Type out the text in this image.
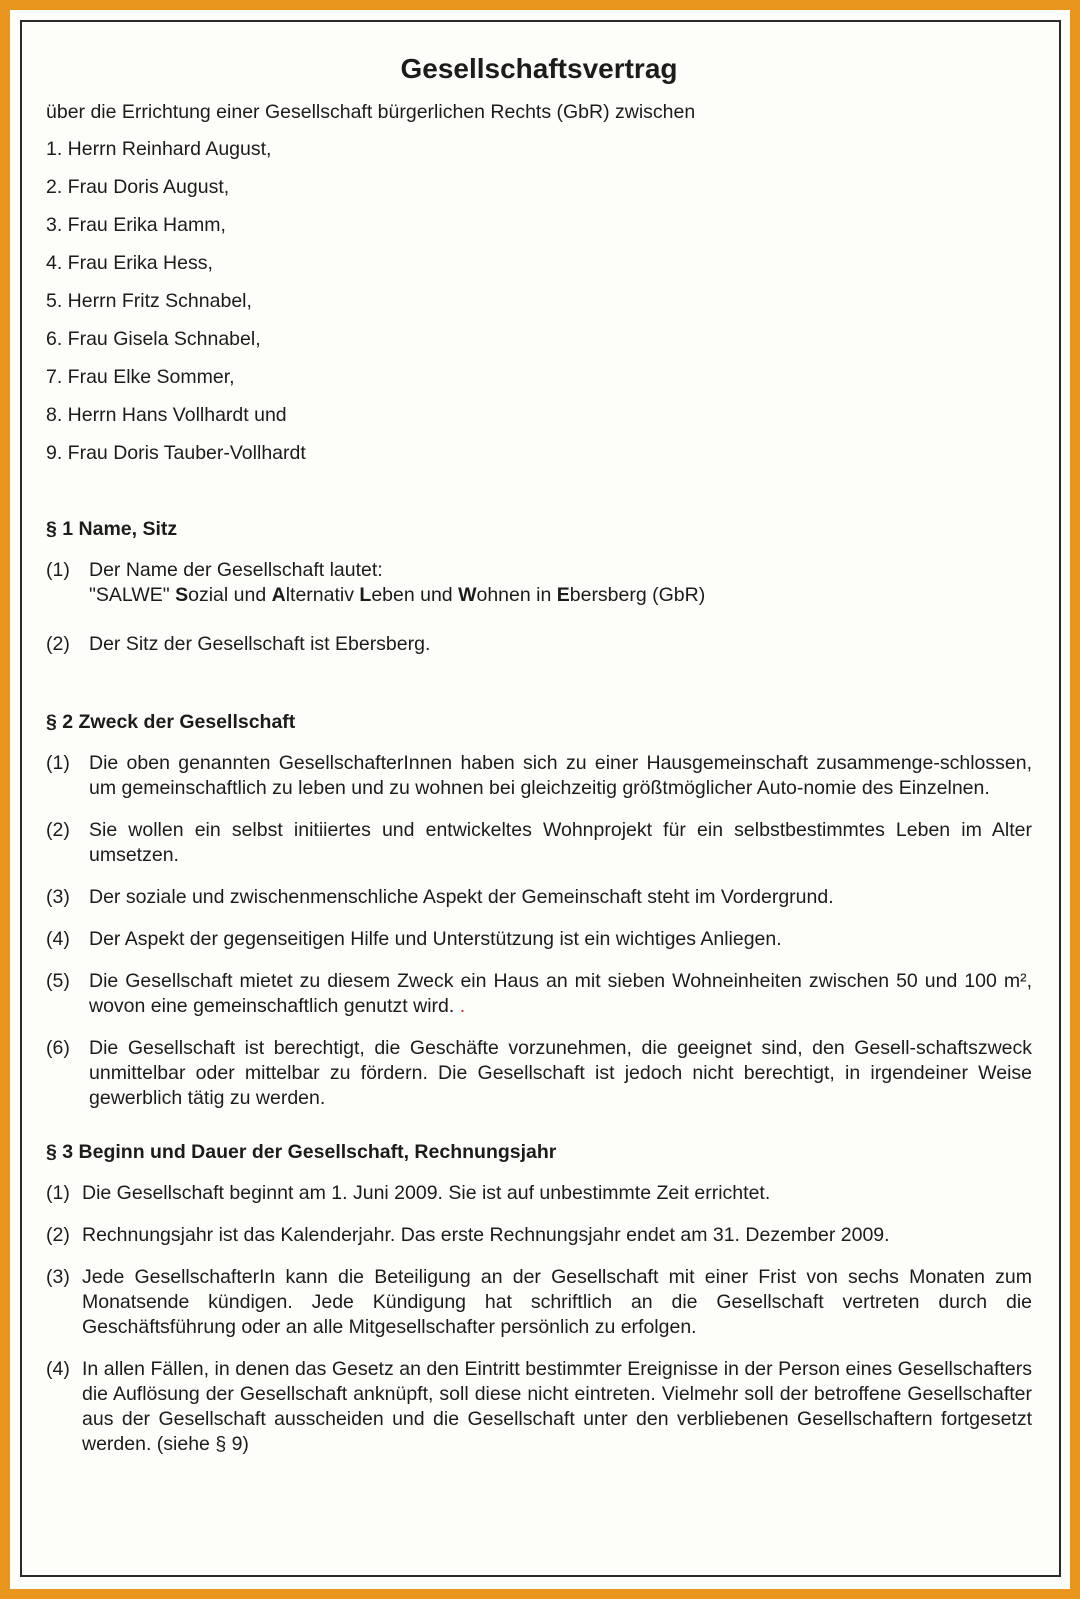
Gesellschaftsvertrag
über die Errichtung einer Gesellschaft bürgerlichen Rechts (GbR) zwischen
1. Herrn Reinhard August,
2. Frau Doris August,
3. Frau Erika Hamm,
4. Frau Erika Hess,
5. Herrn Fritz Schnabel,
6. Frau Gisela Schnabel,
7. Frau Elke Sommer,
8. Herrn Hans Vollhardt und
9. Frau Doris Tauber-Vollhardt
§ 1 Name, Sitz
(1) Der Name der Gesellschaft lautet:
"SALWE" Sozial und Alternativ Leben und Wohnen in Ebersberg (GbR)
(2) Der Sitz der Gesellschaft ist Ebersberg.
§ 2 Zweck der Gesellschaft
(1) Die oben genannten GesellschafterInnen haben sich zu einer Hausgemeinschaft zusammenge-schlossen, um gemeinschaftlich zu leben und zu wohnen bei gleichzeitig größtmöglicher Auto-nomie des Einzelnen.
(2) Sie wollen ein selbst initiiertes und entwickeltes Wohnprojekt für ein selbstbestimmtes Leben im Alter umsetzen.
(3) Der soziale und zwischenmenschliche Aspekt der Gemeinschaft steht im Vordergrund.
(4) Der Aspekt der gegenseitigen Hilfe und Unterstützung ist ein wichtiges Anliegen.
(5) Die Gesellschaft mietet zu diesem Zweck ein Haus an mit sieben Wohneinheiten zwischen 50 und 100 m², wovon eine gemeinschaftlich genutzt wird. .
(6) Die Gesellschaft ist berechtigt, die Geschäfte vorzunehmen, die geeignet sind, den Gesell-schaftszweck unmittelbar oder mittelbar zu fördern. Die Gesellschaft ist jedoch nicht berechtigt, in irgendeiner Weise gewerblich tätig zu werden.
§ 3 Beginn und Dauer der Gesellschaft, Rechnungsjahr
(1) Die Gesellschaft beginnt am 1. Juni 2009. Sie ist auf unbestimmte Zeit errichtet.
(2) Rechnungsjahr ist das Kalenderjahr. Das erste Rechnungsjahr endet am 31. Dezember 2009.
(3) Jede GesellschafterIn kann die Beteiligung an der Gesellschaft mit einer Frist von sechs Monaten zum Monatsende kündigen. Jede Kündigung hat schriftlich an die Gesellschaft vertreten durch die Geschäftsführung oder an alle Mitgesellschafter persönlich zu erfolgen.
(4) In allen Fällen, in denen das Gesetz an den Eintritt bestimmter Ereignisse in der Person eines Gesellschafters die Auflösung der Gesellschaft anknüpft, soll diese nicht eintreten. Vielmehr soll der betroffene Gesellschafter aus der Gesellschaft ausscheiden und die Gesellschaft unter den verbliebenen Gesellschaftern fortgesetzt werden. (siehe § 9)
